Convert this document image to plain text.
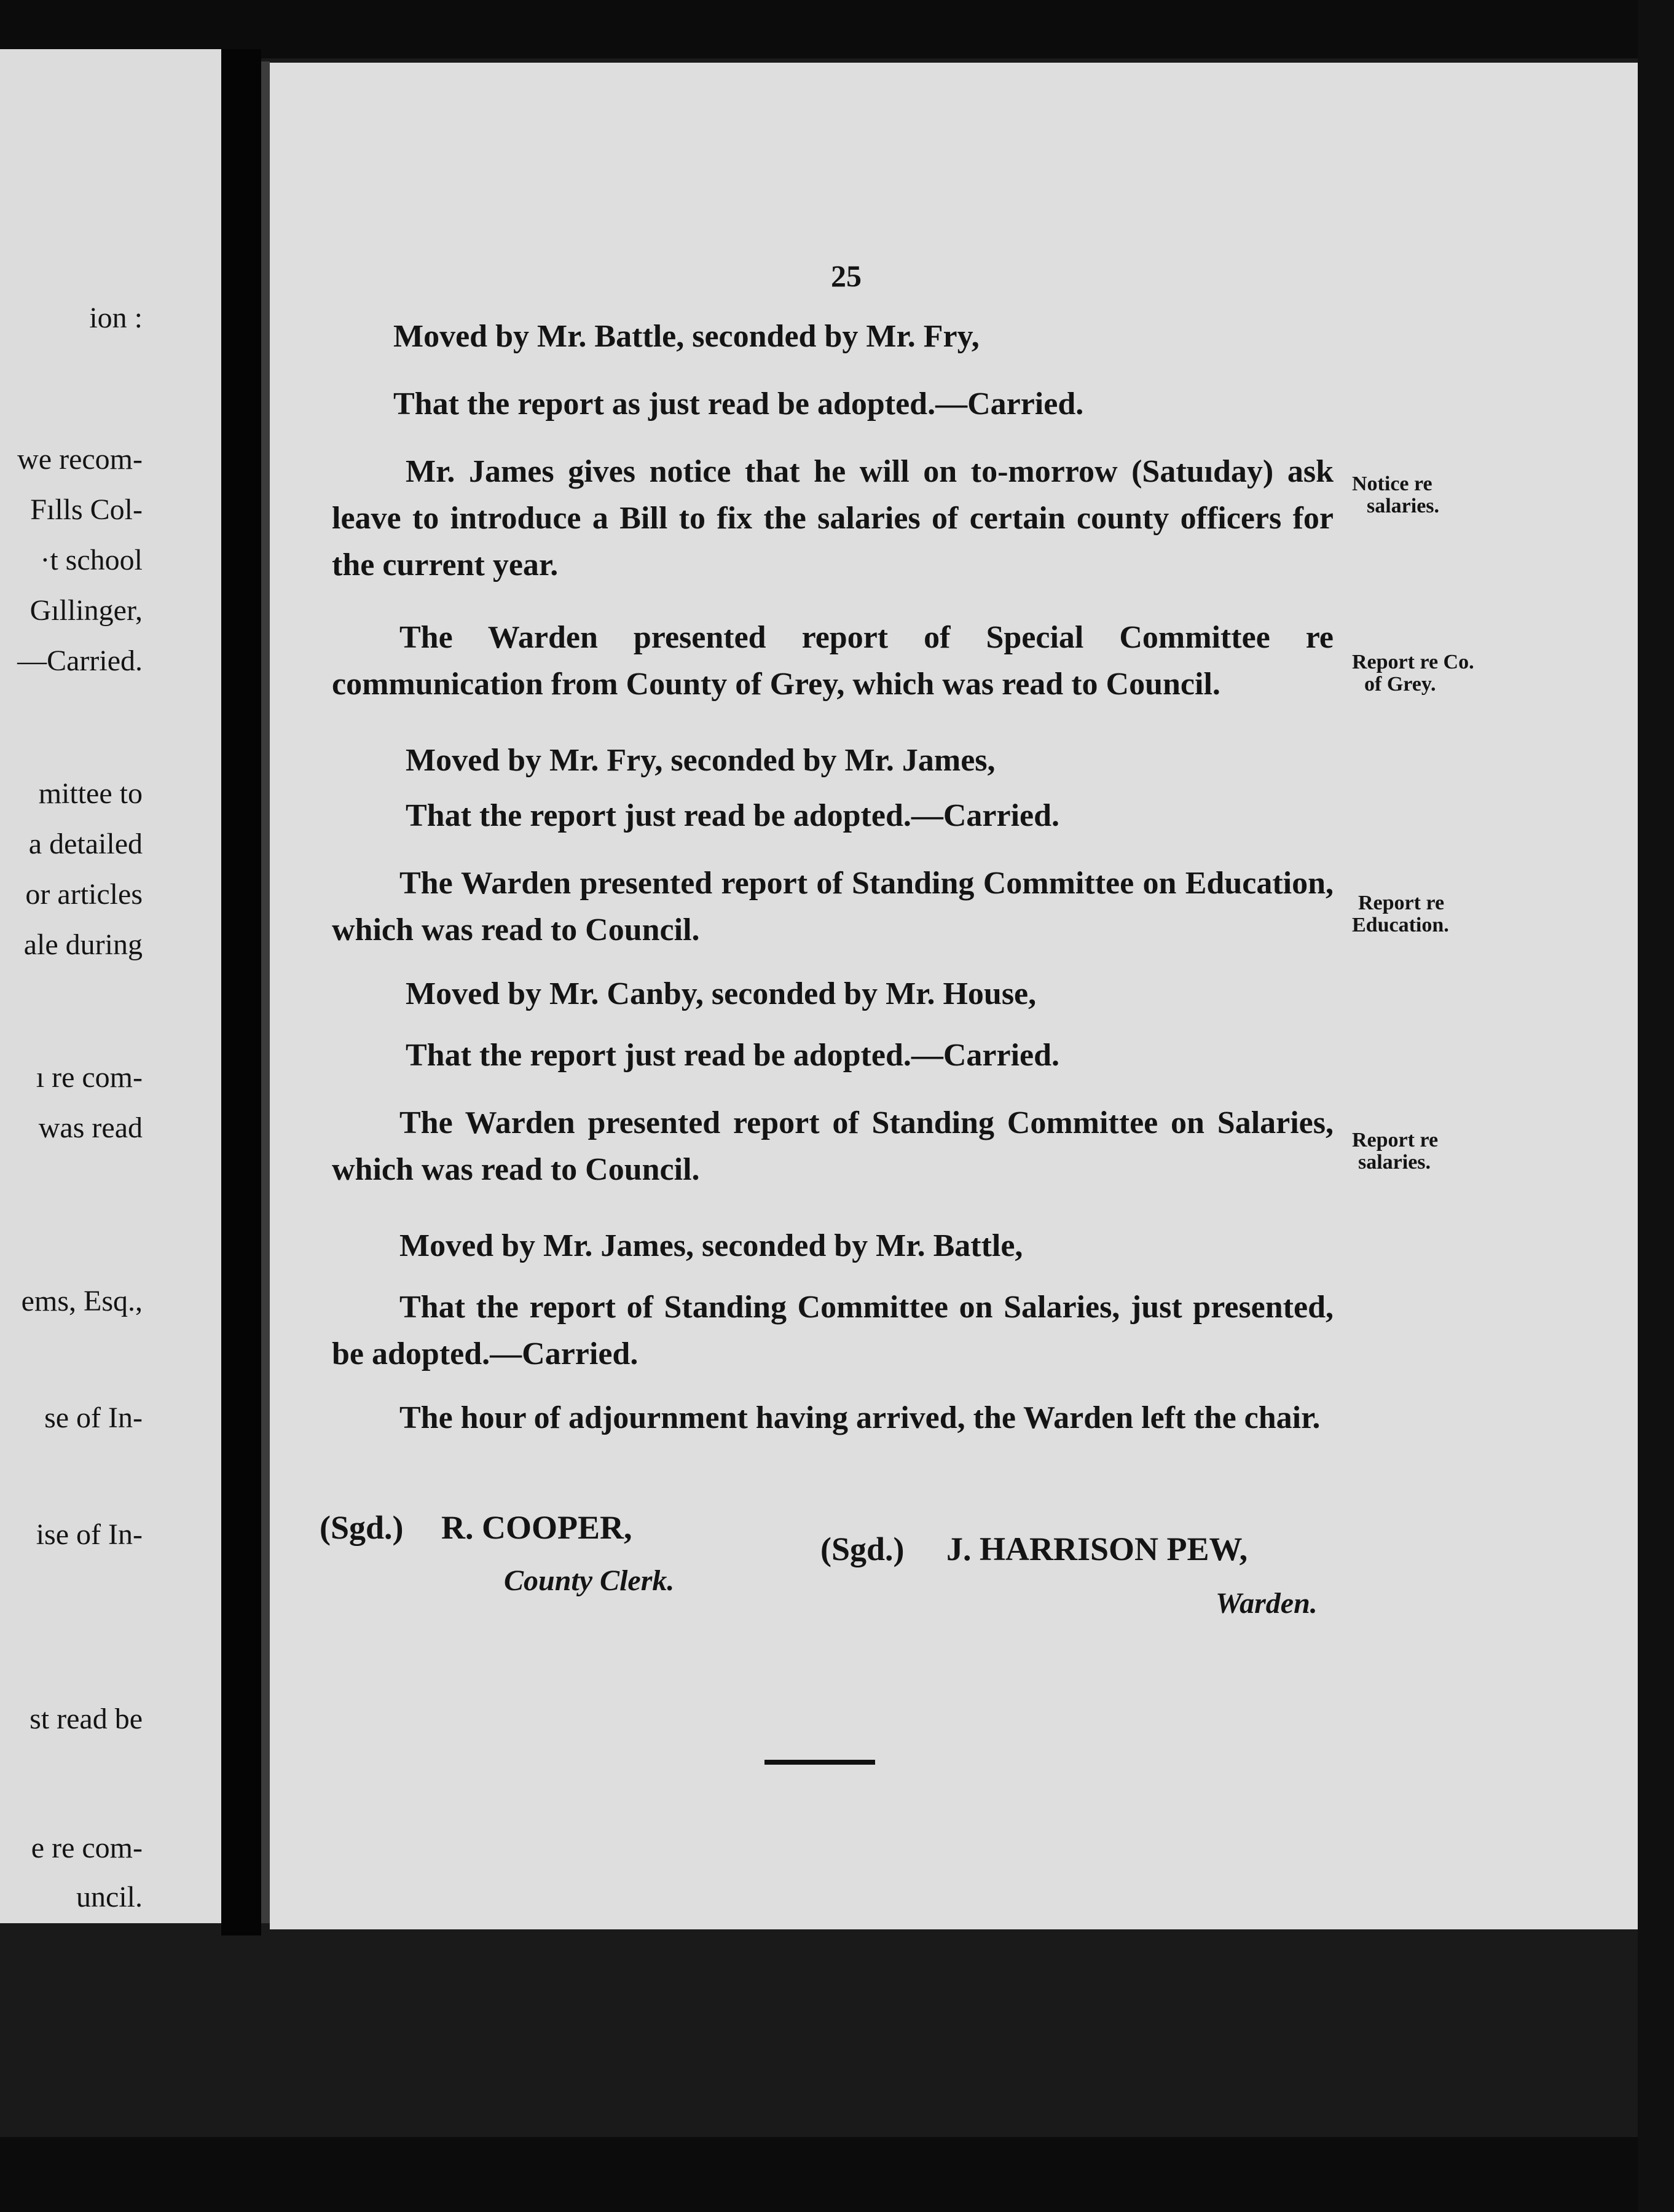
ion :
we recom-
Fılls Col-
·t school
Gıllinger,
—Carried.
mittee to
a detailed
or articles
ale during
ı re com-
was read
ems, Esq.,
se of In-
ise of In-
st read be
e re com-
uncil.
25
Moved by Mr. Battle, seconded by Mr. Fry,
That the report as just read be adopted.—Carried.
Mr. James gives notice that he will on to-morrow (Satuıday) ask leave to introduce a Bill to fix the salaries of certain county officers for the current year.
The Warden presented report of Special Committee re communication from County of Grey, which was read to Council.
Moved by Mr. Fry, seconded by Mr. James,
That the report just read be adopted.—Carried.
The Warden presented report of Standing Committee on Education, which was read to Council.
Moved by Mr. Canby, seconded by Mr. House,
That the report just read be adopted.—Carried.
The Warden presented report of Standing Committee on Salaries, which was read to Council.
Moved by Mr. James, seconded by Mr. Battle,
That the report of Standing Committee on Salaries, just presented, be adopted.—Carried.
The hour of adjournment having arrived, the Warden left the chair.
Notice re
salaries.
Report re Co.
of Grey.
Report re
Education.
Report re
salaries.
(Sgd.) R. COOPER,
County Clerk.
(Sgd.) J. HARRISON PEW,
Warden.
